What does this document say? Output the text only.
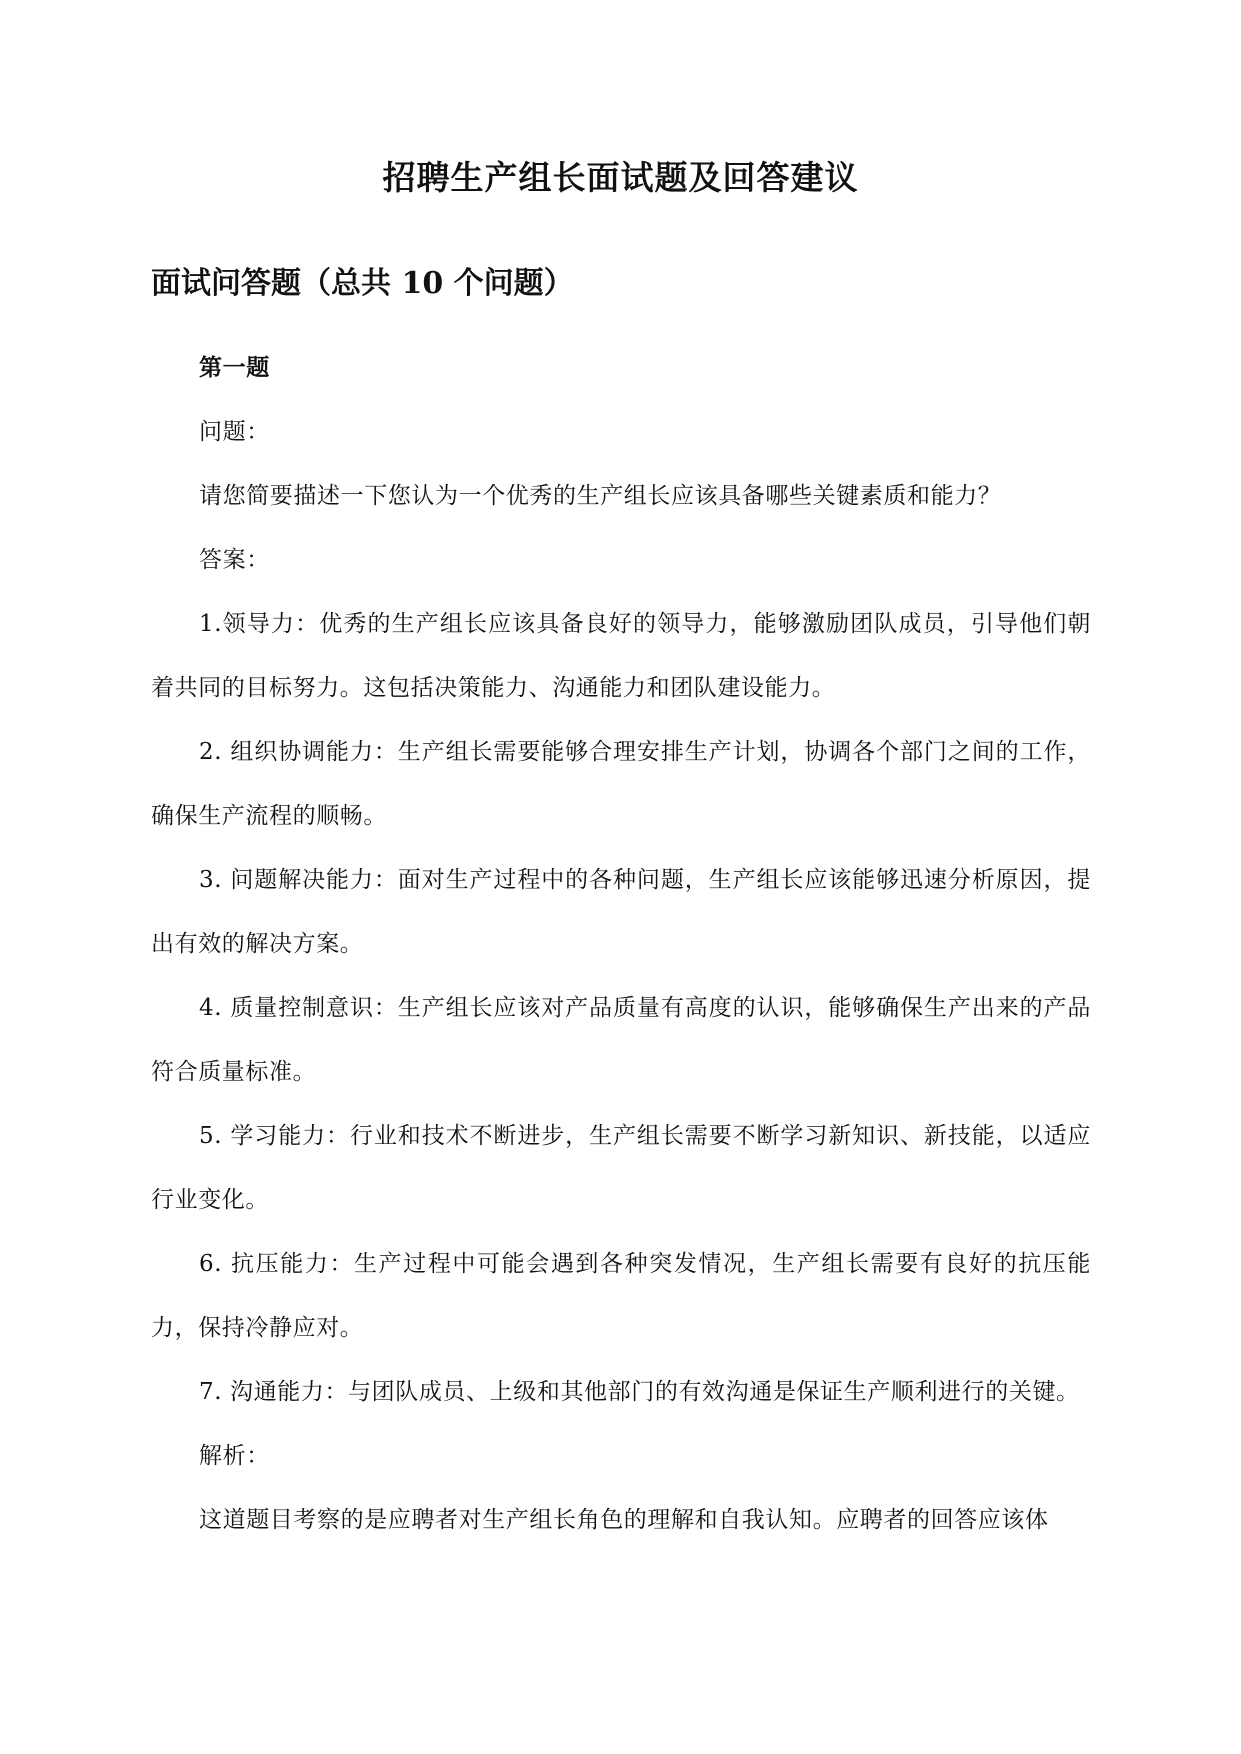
招聘生产组长面试题及回答建议
面试问答题（总共 10 个问题）

第一题

问题：

请您简要描述一下您认为一个优秀的生产组长应该具备哪些关键素质和能力？

答案：

1.领导力：优秀的生产组长应该具备良好的领导力，能够激励团队成员，引导他们朝着共同的目标努力。这包括决策能力、沟通能力和团队建设能力。

2. 组织协调能力：生产组长需要能够合理安排生产计划，协调各个部门之间的工作，确保生产流程的顺畅。

3. 问题解决能力：面对生产过程中的各种问题，生产组长应该能够迅速分析原因，提出有效的解决方案。

4. 质量控制意识：生产组长应该对产品质量有高度的认识，能够确保生产出来的产品符合质量标准。

5. 学习能力：行业和技术不断进步，生产组长需要不断学习新知识、新技能，以适应行业变化。

6. 抗压能力：生产过程中可能会遇到各种突发情况，生产组长需要有良好的抗压能力，保持冷静应对。

7. 沟通能力：与团队成员、上级和其他部门的有效沟通是保证生产顺利进行的关键。

解析：

这道题目考察的是应聘者对生产组长角色的理解和自我认知。应聘者的回答应该体
